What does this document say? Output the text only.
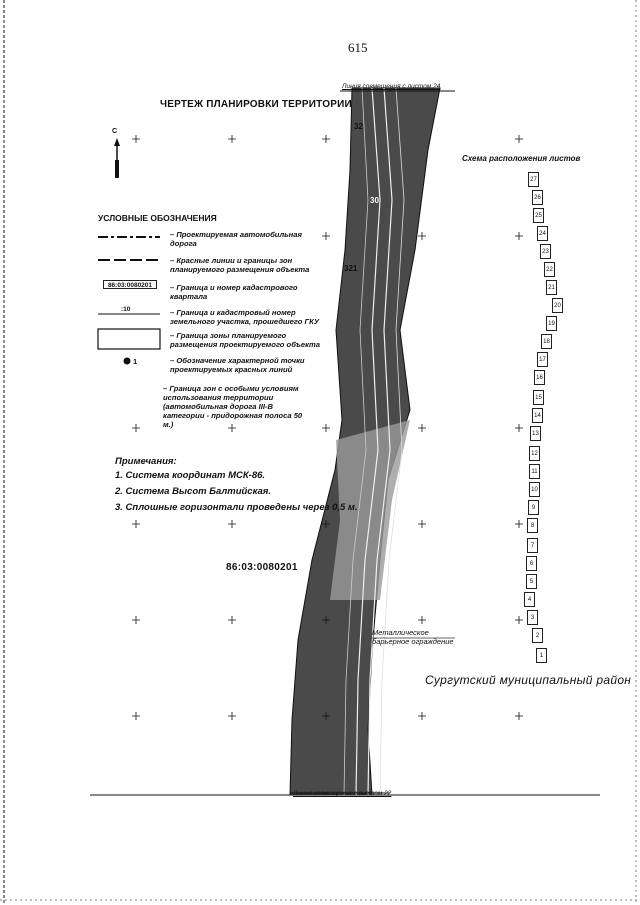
615
ЧЕРТЕЖ ПЛАНИРОВКИ ТЕРРИТОРИИ
С
Линия совмещения с листом 24
Линия совмещения с листом 22
32
321
30
УСЛОВНЫЕ ОБОЗНАЧЕНИЯ
– Проектируемая автомобильная дорога
– Красные линии и границы зон планируемого размещения объекта
86:03:0080201	– Граница и номер кадастрового квартала
:10	– Граница и кадастровый номер земельного участка, прошедшего ГКУ
– Граница зоны планируемого размещения проектируемого объекта
1	– Обозначение характерной точки проектируемых красных линий
– Граница зон с особыми условиям использования территории (автомобильная дорога III-В категории - придорожная полоса 50 м.)
Примечания:
1. Система координат МСК-86.
2. Система Высот Балтийская.
3. Сплошные горизонтали проведены через 0,5 м.
86:03:0080201
Металлическое
барьерное ограждение
Схема расположения листов
27
26
25
24
23
22
21
20
19
18
17
16
15
14
13
12
11
10
9
8
7
6
5
4
3
2
1
Сургутский муниципальный район
